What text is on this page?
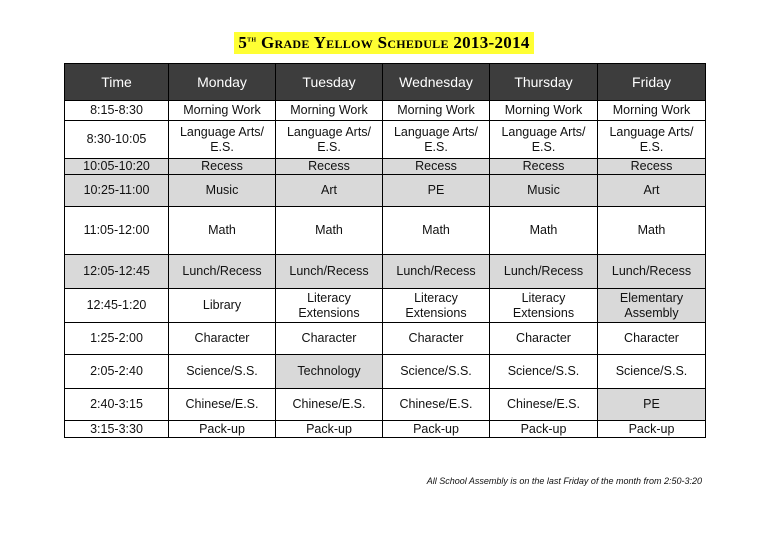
5th Grade Yellow Schedule 2013-2014
Time	Monday	Tuesday	Wednesday	Thursday	Friday
8:15-8:30	Morning Work	Morning Work	Morning Work	Morning Work	Morning Work
8:30-10:05	Language Arts/ E.S.	Language Arts/ E.S.	Language Arts/ E.S.	Language Arts/ E.S.	Language Arts/ E.S.
10:05-10:20	Recess	Recess	Recess	Recess	Recess
10:25-11:00	Music	Art	PE	Music	Art
11:05-12:00	Math	Math	Math	Math	Math
12:05-12:45	Lunch/Recess	Lunch/Recess	Lunch/Recess	Lunch/Recess	Lunch/Recess
12:45-1:20	Library	Literacy Extensions	Literacy Extensions	Literacy Extensions	Elementary Assembly
1:25-2:00	Character	Character	Character	Character	Character
2:05-2:40	Science/S.S.	Technology	Science/S.S.	Science/S.S.	Science/S.S.
2:40-3:15	Chinese/E.S.	Chinese/E.S.	Chinese/E.S.	Chinese/E.S.	PE
3:15-3:30	Pack-up	Pack-up	Pack-up	Pack-up	Pack-up
All School Assembly is on the last Friday of the month from 2:50-3:20
